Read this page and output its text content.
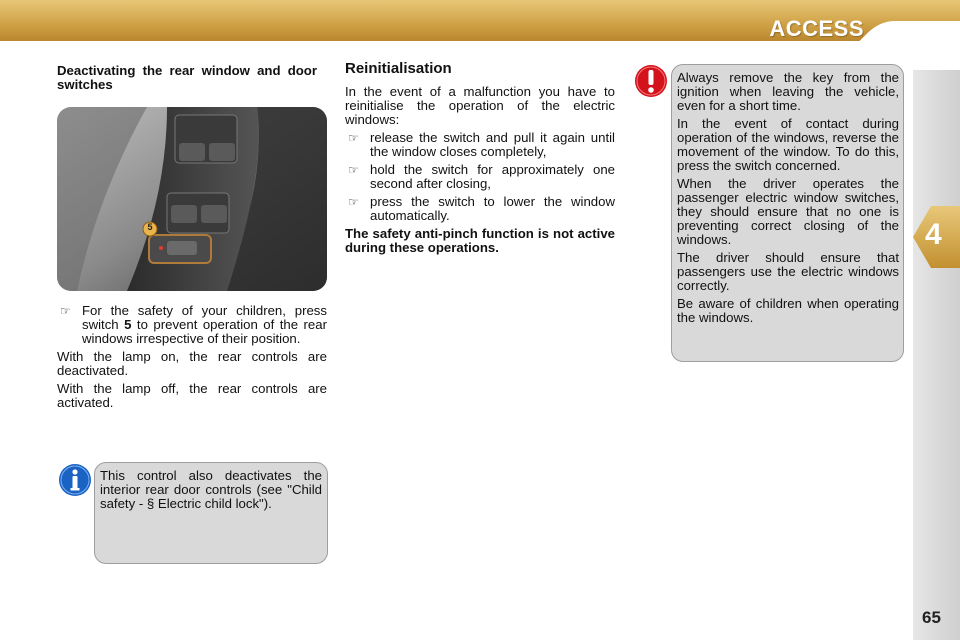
ACCESS
4
65
Deactivating the rear window and door switches
5
☞ For the safety of your children, press switch 5 to prevent operation of the rear windows irrespective of their position.

With the lamp on, the rear controls are deactivated.

With the lamp off, the rear controls are activated.

This control also deactivates the interior rear door controls (see "Child safety - § Electric child lock").
Reinitialisation

In the event of a malfunction you have to reinitialise the operation of the electric windows:

☞ release the switch and pull it again until the window closes completely,
☞ hold the switch for approximately one second after closing,
☞ press the switch to lower the window automatically.
The safety anti-pinch function is not active during these operations.

Always remove the key from the ignition when leaving the vehicle, even for a short time.

In the event of contact during operation of the windows, reverse the movement of the window. To do this, press the switch concerned.

When the driver operates the passenger electric window switches, they should ensure that no one is preventing correct closing of the windows.

The driver should ensure that passengers use the electric windows correctly.

Be aware of children when operating the windows.
